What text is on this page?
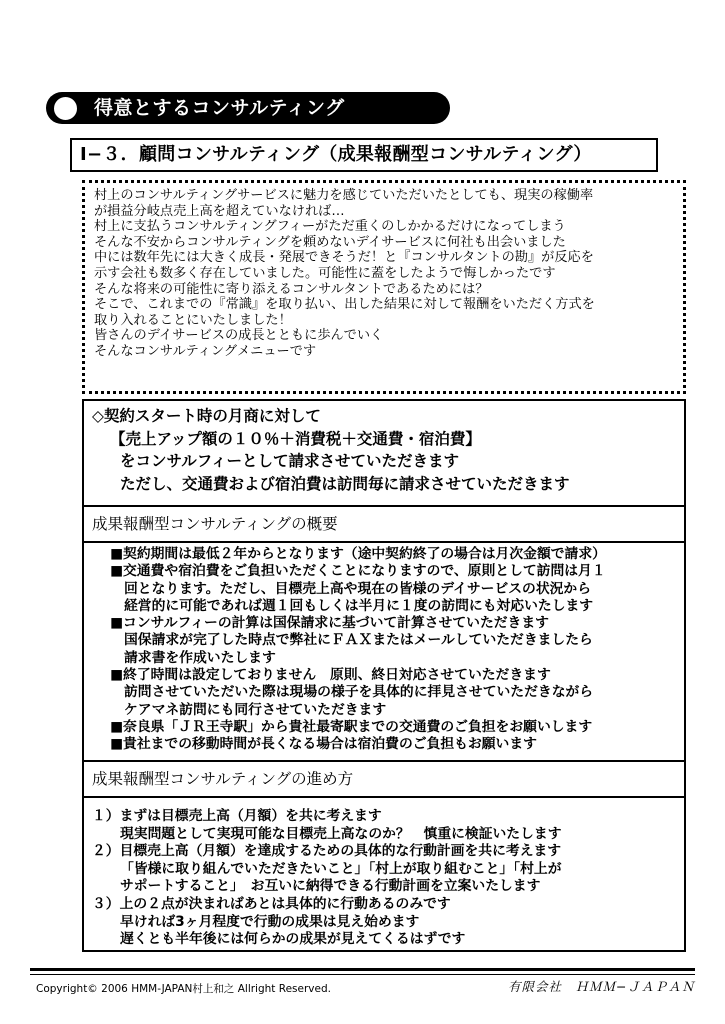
得意とするコンサルティング
Ⅰ−３．顧問コンサルティング（成果報酬型コンサルティング）
村上のコンサルティングサービスに魅力を感じていただいたとしても、現実の稼働率
が損益分岐点売上高を超えていなければ…
村上に支払うコンサルティングフィーがただ重くのしかかるだけになってしまう
そんな不安からコンサルティングを頼めないデイサービスに何社も出会いました
中には数年先には大きく成長・発展できそうだ！と『コンサルタントの勘』が反応を
示す会社も数多く存在していました。可能性に蓋をしたようで悔しかったです
そんな将来の可能性に寄り添えるコンサルタントであるためには？
そこで、これまでの『常識』を取り払い、出した結果に対して報酬をいただく方式を
取り入れることにいたしました！
皆さんのデイサービスの成長とともに歩んでいく
そんなコンサルティングメニューです
◇契約スタート時の月商に対して
【売上アップ額の１０％＋消費税＋交通費・宿泊費】
をコンサルフィーとして請求させていただきます
ただし、交通費および宿泊費は訪問毎に請求させていただきます
成果報酬型コンサルティングの概要
■契約期間は最低２年からとなります（途中契約終了の場合は月次金額で請求）
■交通費や宿泊費をご負担いただくことになりますので、原則として訪問は月１
回となります。ただし、目標売上高や現在の皆様のデイサービスの状況から
経営的に可能であれば週１回もしくは半月に１度の訪問にも対応いたします
■コンサルフィーの計算は国保請求に基づいて計算させていただきます
国保請求が完了した時点で弊社にＦＡＸまたはメールしていただきましたら
請求書を作成いたします
■終了時間は設定しておりません　原則、終日対応させていただきます
訪問させていただいた際は現場の様子を具体的に拝見させていただきながら
ケアマネ訪問にも同行させていただきます
■奈良県「ＪＲ王寺駅」から貴社最寄駅までの交通費のご負担をお願いします
■貴社までの移動時間が長くなる場合は宿泊費のご負担もお願います
成果報酬型コンサルティングの進め方
１）まずは目標売上高（月額）を共に考えます
現実問題として実現可能な目標売上高なのか？　慎重に検証いたします
２）目標売上高（月額）を達成するための具体的な行動計画を共に考えます
「皆様に取り組んでいただきたいこと」「村上が取り組むこと」「村上が
サポートすること」　お互いに納得できる行動計画を立案いたします
３）上の２点が決まればあとは具体的に行動あるのみです
早ければ3ヶ月程度で行動の成果は見え始めます
遅くとも半年後には何らかの成果が見えてくるはずです
Copyright© 2006 HMM-JAPAN村上和之 Allright Reserved.	有限会社　ＨＭＭ−ＪＡＰＡＮ
